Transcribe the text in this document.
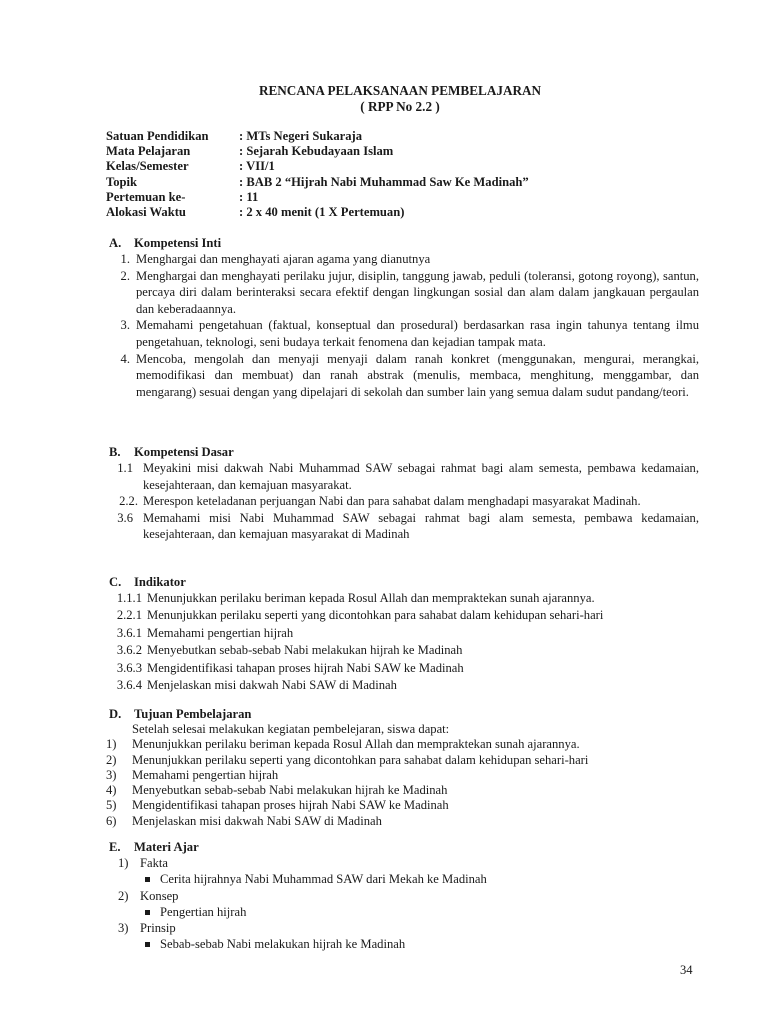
RENCANA PELAKSANAAN PEMBELAJARAN
( RPP No 2.2 )
Satuan Pendidikan	: MTs Negeri Sukaraja
Mata Pelajaran	: Sejarah Kebudayaan Islam
Kelas/Semester	: VII/1
Topik	: BAB 2 “Hijrah Nabi Muhammad Saw Ke Madinah”
Pertemuan ke-	: 11
Alokasi Waktu	: 2 x 40 menit (1 X Pertemuan)
A.	Kompetensi Inti
1. Menghargai dan menghayati ajaran agama yang dianutnya
2. Menghargai dan menghayati perilaku jujur, disiplin, tanggung jawab, peduli (toleransi, gotong royong), santun, percaya diri dalam berinteraksi secara efektif dengan lingkungan sosial dan alam dalam jangkauan pergaulan dan keberadaannya.
3. Memahami pengetahuan (faktual, konseptual dan prosedural) berdasarkan rasa ingin tahunya tentang ilmu pengetahuan, teknologi, seni budaya terkait fenomena dan kejadian tampak mata.
4. Mencoba, mengolah dan menyaji menyaji dalam ranah konkret (menggunakan, mengurai, merangkai, memodifikasi dan membuat) dan ranah abstrak (menulis, membaca, menghitung, menggambar, dan mengarang) sesuai dengan yang dipelajari di sekolah dan sumber lain yang semua dalam sudut pandang/teori.
B.	Kompetensi Dasar
1.1 Meyakini misi dakwah Nabi Muhammad SAW sebagai rahmat bagi alam semesta, pembawa kedamaian, kesejahteraan, dan kemajuan masyarakat.
2.2. Merespon keteladanan perjuangan Nabi dan para sahabat dalam menghadapi masyarakat Madinah.
3.6 Memahami misi Nabi Muhammad SAW sebagai rahmat bagi alam semesta, pembawa kedamaian, kesejahteraan, dan kemajuan masyarakat di Madinah
C.	Indikator
1.1.1 Menunjukkan perilaku beriman kepada Rosul Allah dan mempraktekan sunah ajarannya.
2.2.1 Menunjukkan perilaku seperti yang dicontohkan para sahabat dalam kehidupan sehari-hari
3.6.1 Memahami pengertian hijrah
3.6.2 Menyebutkan sebab-sebab Nabi melakukan hijrah ke Madinah
3.6.3 Mengidentifikasi tahapan proses hijrah Nabi SAW ke Madinah
3.6.4 Menjelaskan misi dakwah Nabi SAW di Madinah
D.	Tujuan Pembelajaran
Setelah selesai melakukan kegiatan pembelejaran, siswa dapat:
1)	Menunjukkan perilaku beriman kepada Rosul Allah dan mempraktekan sunah ajarannya.
2)	Menunjukkan perilaku seperti yang dicontohkan para sahabat dalam kehidupan sehari-hari
3)	Memahami pengertian hijrah
4)	Menyebutkan sebab-sebab Nabi melakukan hijrah ke Madinah
5)	Mengidentifikasi tahapan proses hijrah Nabi SAW ke Madinah
6)	Menjelaskan misi dakwah Nabi SAW di Madinah
E.	Materi Ajar
1) Fakta
Cerita hijrahnya Nabi Muhammad SAW dari Mekah ke Madinah
2) Konsep
Pengertian hijrah
3) Prinsip
Sebab-sebab Nabi melakukan hijrah ke Madinah
34
